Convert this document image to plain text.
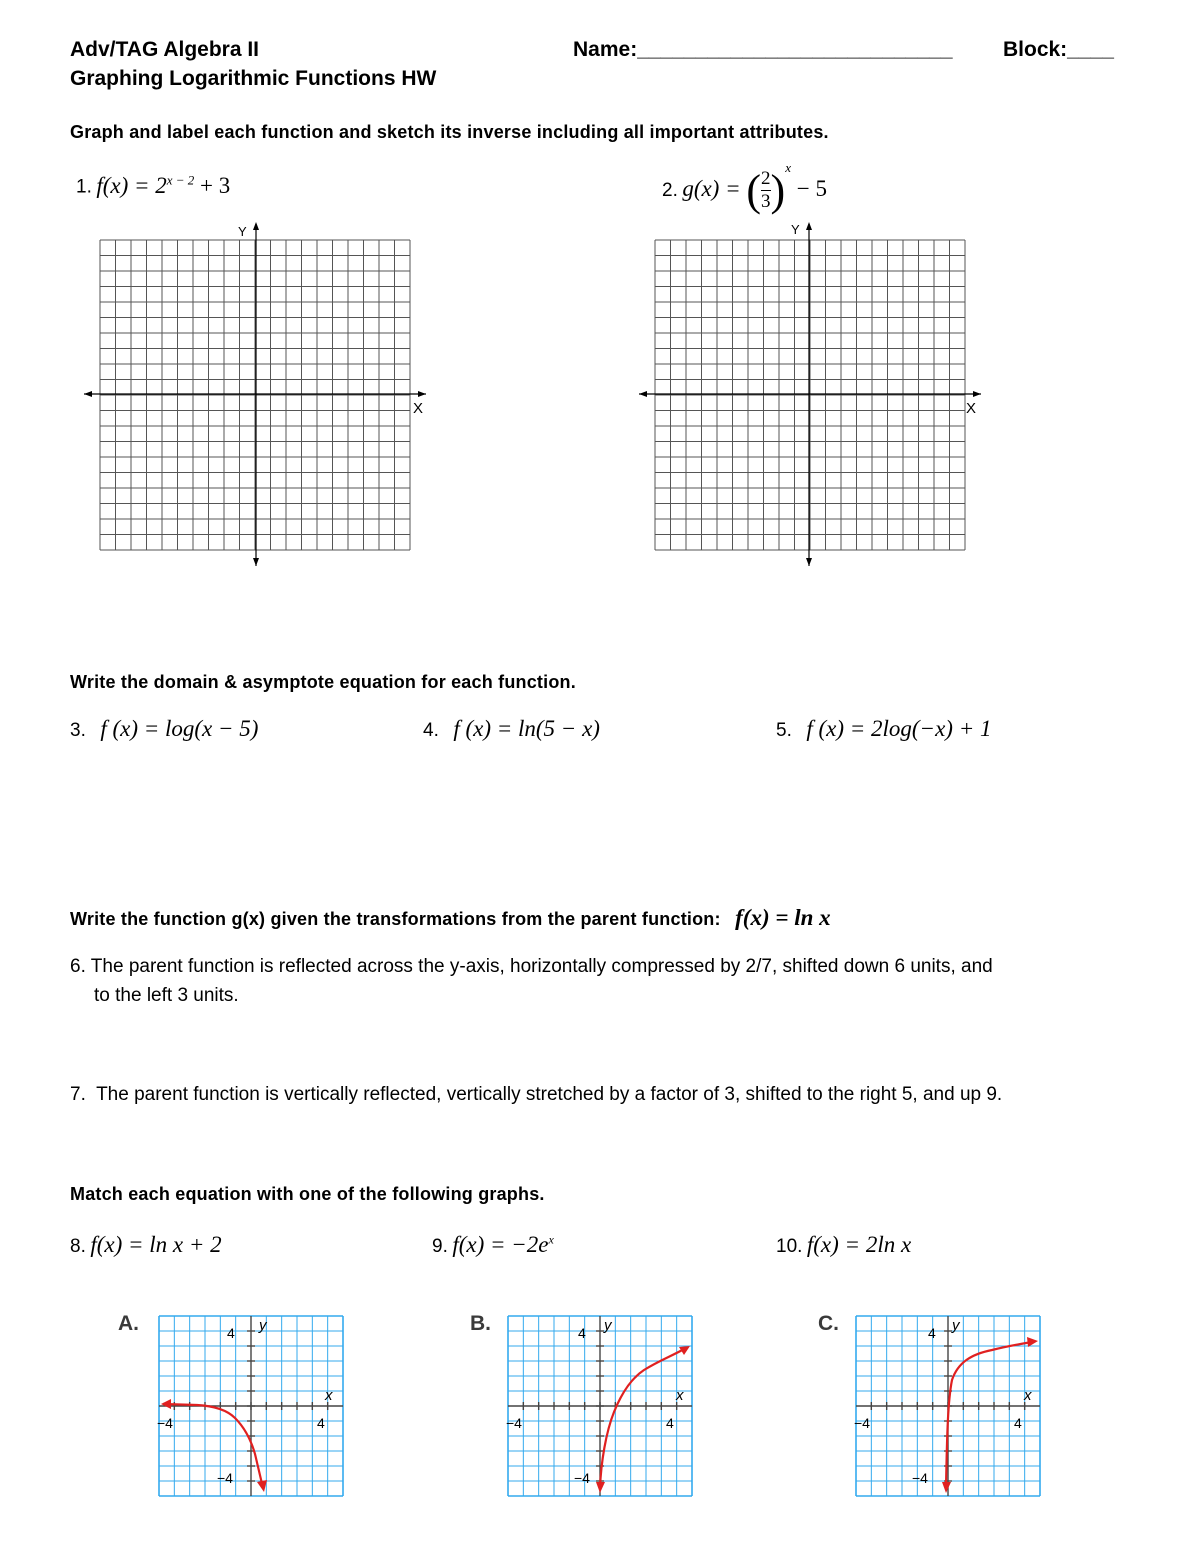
Adv/TAG Algebra II
Graphing Logarithmic Functions HW
Name:___________________________ Block:____
Graph and label each function and sketch its inverse including all important attributes.
1. $f(x) = 2^{x - 2} + 3$	2. g(x) = ( $\frac{2}{3} )^x - 5$
Y
X
Y
X
Write the domain & asymptote equation for each function.
3. f (x) = log(x − 5)	4. f (x) = ln(5 − x)	5. f (x) = 2log(−x) + 1
Write the function g(x) given the transformations from the parent function: f(x) = ln x
6. The parent function is reflected across the y-axis, horizontally compressed by 2/7, shifted down 6 units, and
to the left 3 units.
7. The parent function is vertically reflected, vertically stretched by a factor of 3, shifted to the right 5, and up 9.
Match each equation with one of the following graphs.
8. f(x) = ln x + 2	9. $f(x) = -2e^x$	10. f(x) = 2ln x
A.	4 y
x
−4	4
−4
B.	4 y
x
−4	4
−4
C.	4 y
x
−4	4
−4
